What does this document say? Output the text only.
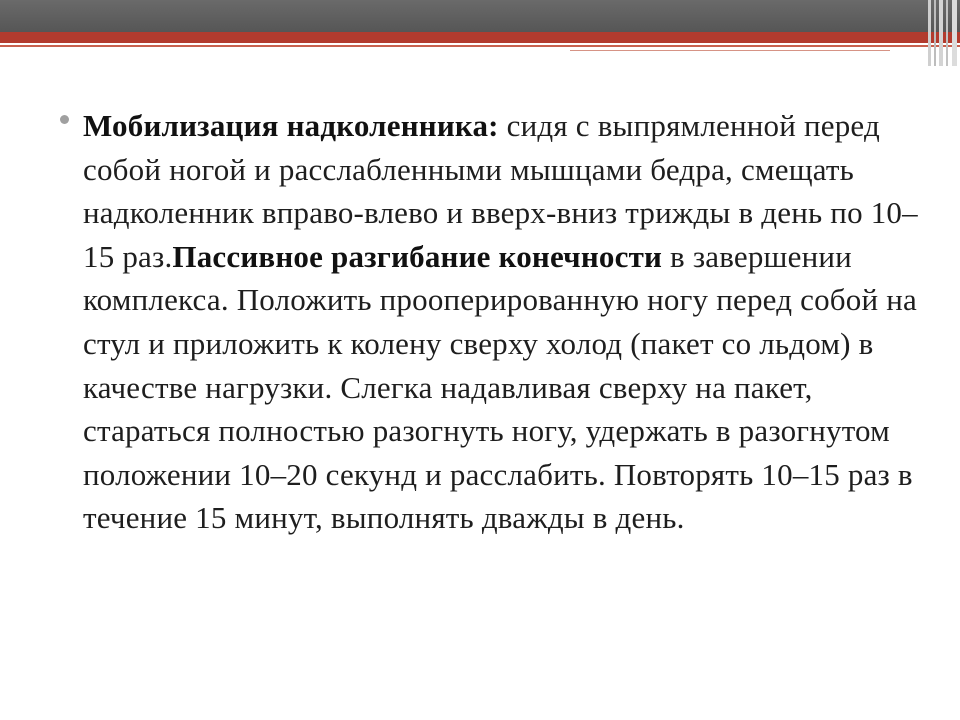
Мобилизация надколенника: сидя с выпрямленной перед собой ногой и расслабленными мышцами бедра, смещать надколенник вправо-влево и вверх-вниз трижды в день по 10–15 раз.Пассивное разгибание конечности в завершении комплекса. Положить прооперированную ногу перед собой на стул и приложить к колену сверху холод (пакет со льдом) в качестве нагрузки. Слегка надавливая сверху на пакет, стараться полностью разогнуть ногу, удержать в разогнутом положении 10–20 секунд и расслабить. Повторять 10–15 раз в течение 15 минут, выполнять дважды в день.
